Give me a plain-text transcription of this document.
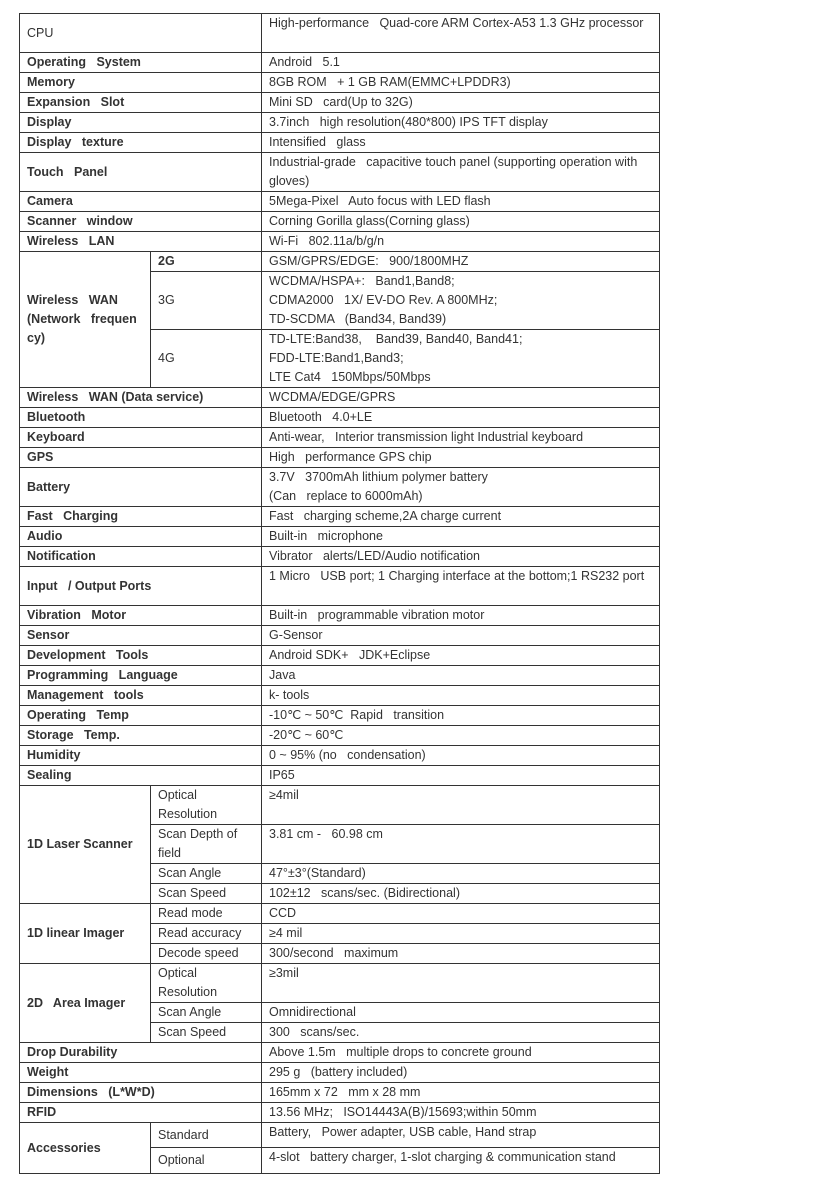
CPU		High-performance   Quad-core ARM Cortex-A53 1.3 GHz processor
Operating   System		Android   5.1
Memory		8GB ROM   + 1 GB RAM(EMMC+LPDDR3)
Expansion   Slot		Mini SD   card(Up to 32G)
Display		3.7inch   high resolution(480*800) IPS TFT display
Display   texture		Intensified   glass
Touch   Panel		Industrial-grade   capacitive touch panel (supporting operation with gloves)
Camera		5Mega-Pixel   Auto focus with LED flash
Scanner   window		Corning Gorilla glass(Corning glass)
Wireless   LAN		Wi-Fi   802.11a/b/g/n
Wireless   WAN (Network   frequen cy)	2G	GSM/GPRS/EDGE:   900/1800MHZ
	3G	WCDMA/HSPA+:   Band1,Band8;
CDMA2000   1X/ EV-DO Rev. A 800MHz;
TD-SCDMA   (Band34, Band39)
	4G	TD-LTE:Band38,    Band39, Band40, Band41;
FDD-LTE:Band1,Band3;
LTE Cat4   150Mbps/50Mbps
Wireless   WAN (Data service)		WCDMA/EDGE/GPRS
Bluetooth		Bluetooth   4.0+LE
Keyboard		Anti-wear,   Interior transmission light Industrial keyboard
GPS		High   performance GPS chip
Battery		3.7V   3700mAh lithium polymer battery
(Can   replace to 6000mAh)
Fast   Charging		Fast   charging scheme,2A charge current
Audio		Built-in   microphone
Notification		Vibrator   alerts/LED/Audio notification
Input   / Output Ports		1 Micro   USB port; 1 Charging interface at the bottom;1 RS232 port
Vibration   Motor		Built-in   programmable vibration motor
Sensor		G-Sensor
Development   Tools		Android SDK+   JDK+Eclipse
Programming   Language		Java
Management   tools		k- tools
Operating   Temp		-10℃ ~ 50℃  Rapid   transition
Storage   Temp.		-20℃ ~ 60℃
Humidity		0 ~ 95% (no   condensation)
Sealing		IP65
1D Laser Scanner	Optical Resolution	≥4mil
	Scan Depth of field	3.81 cm -   60.98 cm
	Scan Angle	47°±3°(Standard)
	Scan Speed	102±12   scans/sec. (Bidirectional)
1D linear Imager	Read mode	CCD
	Read accuracy	≥4 mil
	Decode speed	300/second   maximum
2D   Area Imager	Optical Resolution	≥3mil
	Scan Angle	Omnidirectional
	Scan Speed	300   scans/sec.
Drop Durability		Above 1.5m   multiple drops to concrete ground
Weight		295 g   (battery included)
Dimensions   (L*W*D)		165mm x 72   mm x 28 mm
RFID		13.56 MHz;   ISO14443A(B)/15693;within 50mm
Accessories	Standard	Battery,   Power adapter, USB cable, Hand strap
	Optional	4-slot   battery charger, 1-slot charging & communication stand
